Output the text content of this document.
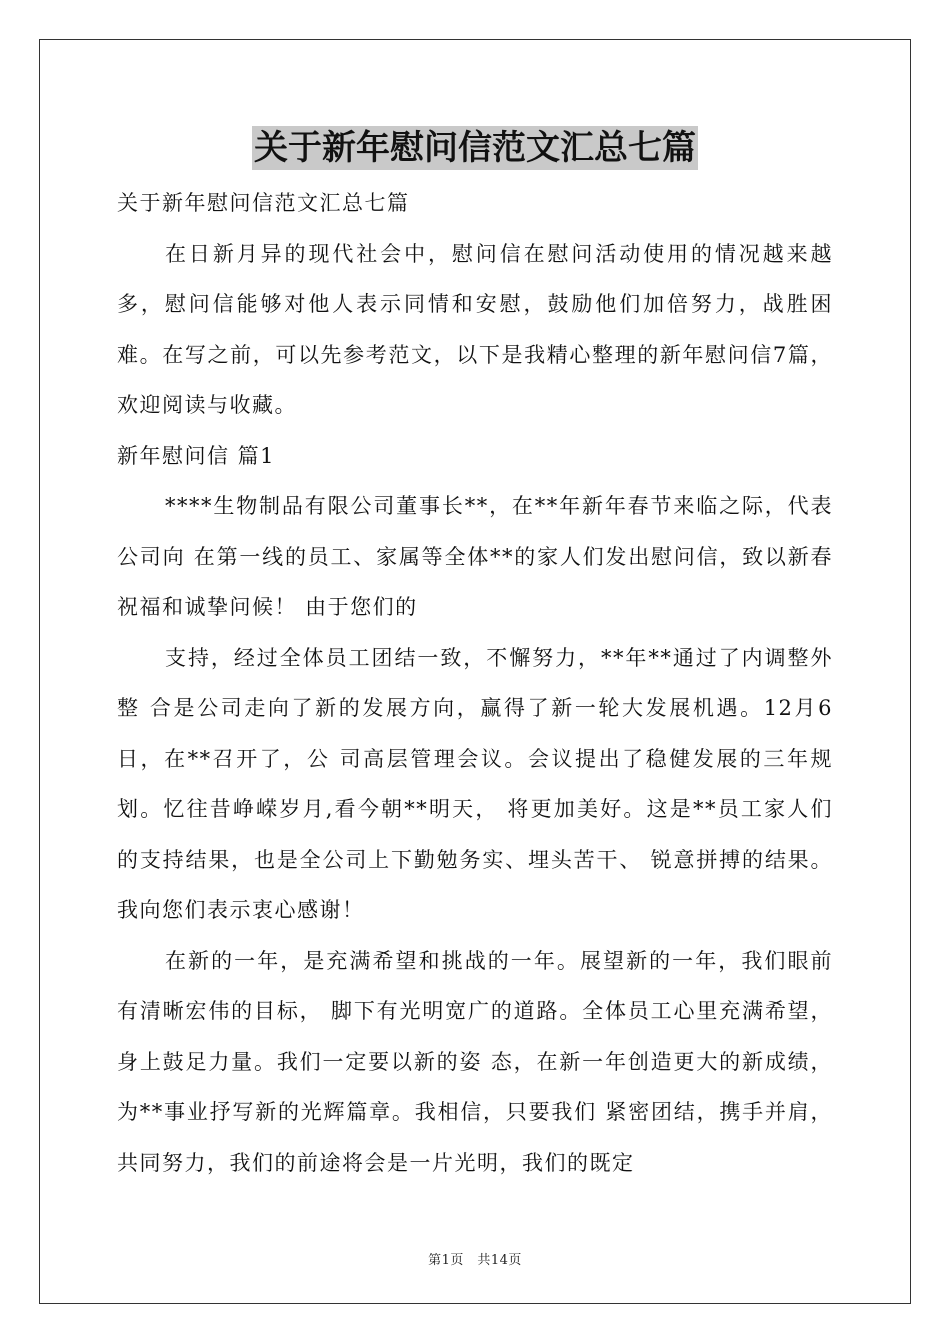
关于新年慰问信范文汇总七篇

关于新年慰问信范文汇总七篇

在日新月异的现代社会中，慰问信在慰问活动使用的情况越来越多，慰问信能够对他人表示同情和安慰，鼓励他们加倍努力，战胜困难。在写之前，可以先参考范文，以下是我精心整理的新年慰问信7篇，欢迎阅读与收藏。

新年慰问信 篇1

****生物制品有限公司董事长**，在**年新年春节来临之际，代表公司向 在第一线的员工、家属等全体**的家人们发出慰问信，致以新春祝福和诚挚问候！ 由于您们的

支持，经过全体员工团结一致，不懈努力，**年**通过了内调整外整 合是公司走向了新的发展方向，赢得了新一轮大发展机遇。12月6日，在**召开了，公 司高层管理会议。会议提出了稳健发展的三年规划。忆往昔峥嵘岁月,看今朝**明天， 将更加美好。这是**员工家人们的支持结果，也是全公司上下勤勉务实、埋头苦干、 锐意拼搏的结果。我向您们表示衷心感谢！

在新的一年，是充满希望和挑战的一年。展望新的一年，我们眼前有清晰宏伟的目标， 脚下有光明宽广的道路。全体员工心里充满希望，身上鼓足力量。我们一定要以新的姿 态，在新一年创造更大的新成绩，为**事业抒写新的光辉篇章。我相信，只要我们 紧密团结，携手并肩，共同努力，我们的前途将会是一片光明，我们的既定

第1页　共14页
